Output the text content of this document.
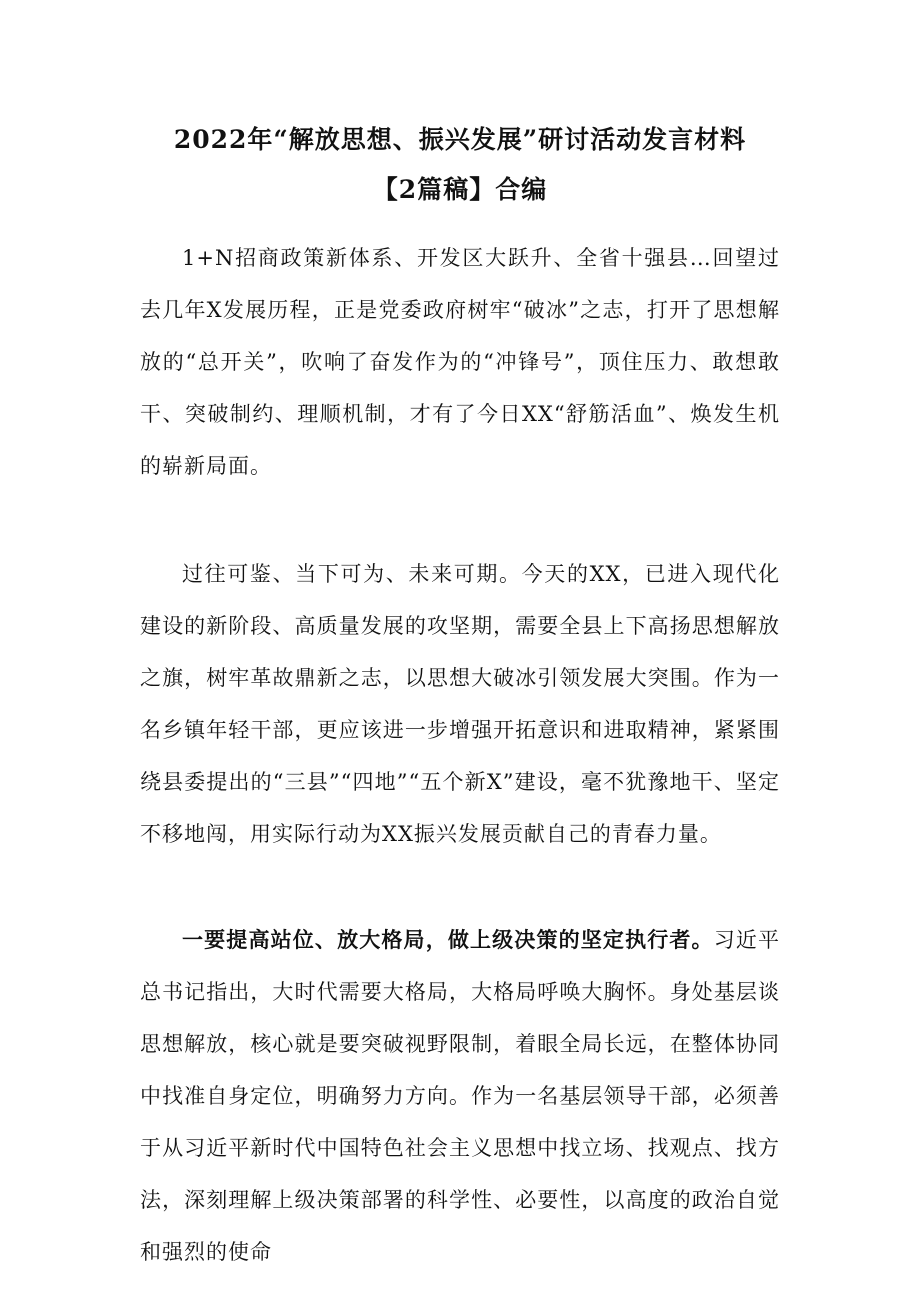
2022年“解放思想、振兴发展”研讨活动发言材料
【2篇稿】合编

1+N招商政策新体系、开发区大跃升、全省十强县…回望过去几年X发展历程，正是党委政府树牢“破冰”之志，打开了思想解放的“总开关”，吹响了奋发作为的“冲锋号”，顶住压力、敢想敢干、突破制约、理顺机制，才有了今日XX“舒筋活血”、焕发生机的崭新局面。

过往可鉴、当下可为、未来可期。今天的XX，已进入现代化建设的新阶段、高质量发展的攻坚期，需要全县上下高扬思想解放之旗，树牢革故鼎新之志，以思想大破冰引领发展大突围。作为一名乡镇年轻干部，更应该进一步增强开拓意识和进取精神，紧紧围绕县委提出的“三县”“四地”“五个新X”建设，毫不犹豫地干、坚定不移地闯，用实际行动为XX振兴发展贡献自己的青春力量。

一要提高站位、放大格局，做上级决策的坚定执行者。习近平总书记指出，大时代需要大格局，大格局呼唤大胸怀。身处基层谈思想解放，核心就是要突破视野限制，着眼全局长远，在整体协同中找准自身定位，明确努力方向。作为一名基层领导干部，必须善于从习近平新时代中国特色社会主义思想中找立场、找观点、找方法，深刻理解上级决策部署的科学性、必要性，以高度的政治自觉和强烈的使命
